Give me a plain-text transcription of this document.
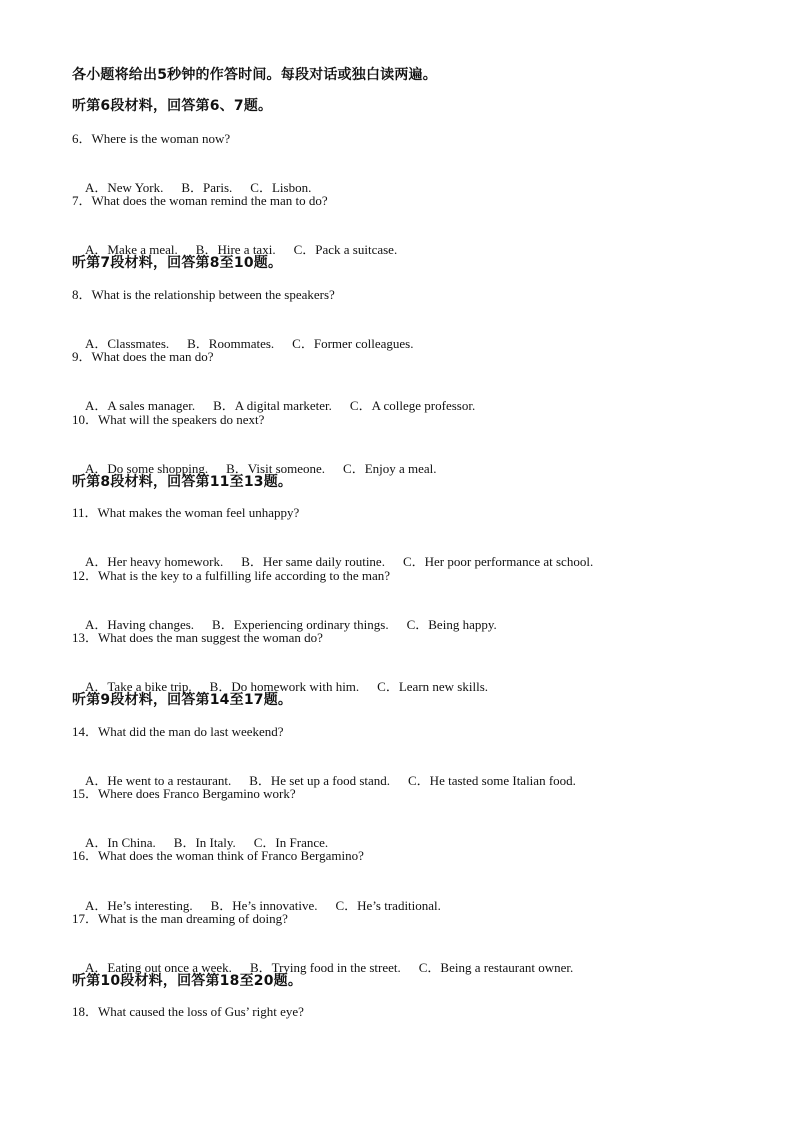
各小题将给出5秒钟的作答时间。每段对话或独白读两遍。
听第6段材料，回答第6、7题。
6．Where is the woman now?

A．New York. B．Paris. C．Lisbon.

7．What does the woman remind the man to do?

A．Make a meal. B．Hire a taxi. C．Pack a suitcase.

听第7段材料，回答第8至10题。
8．What is the relationship between the speakers?

A．Classmates. B．Roommates. C．Former colleagues.

9．What does the man do?

A．A sales manager. B．A digital marketer. C．A college professor.

10．What will the speakers do next?

A．Do some shopping. B．Visit someone. C．Enjoy a meal.

听第8段材料，回答第11至13题。
11．What makes the woman feel unhappy?

A．Her heavy homework. B．Her same daily routine. C．Her poor performance at school.

12．What is the key to a fulfilling life according to the man?

A．Having changes. B．Experiencing ordinary things. C．Being happy.

13．What does the man suggest the woman do?

A．Take a bike trip. B．Do homework with him. C．Learn new skills.

听第9段材料，回答第14至17题。
14．What did the man do last weekend?

A．He went to a restaurant. B．He set up a food stand. C．He tasted some Italian food.

15．Where does Franco Bergamino work?

A．In China. B．In Italy. C．In France.

16．What does the woman think of Franco Bergamino?

A．He’s interesting. B．He’s innovative. C．He’s traditional.

17．What is the man dreaming of doing?

A．Eating out once a week. B．Trying food in the street. C．Being a restaurant owner.

听第10段材料，回答第18至20题。
18．What caused the loss of Gus’ right eye?
